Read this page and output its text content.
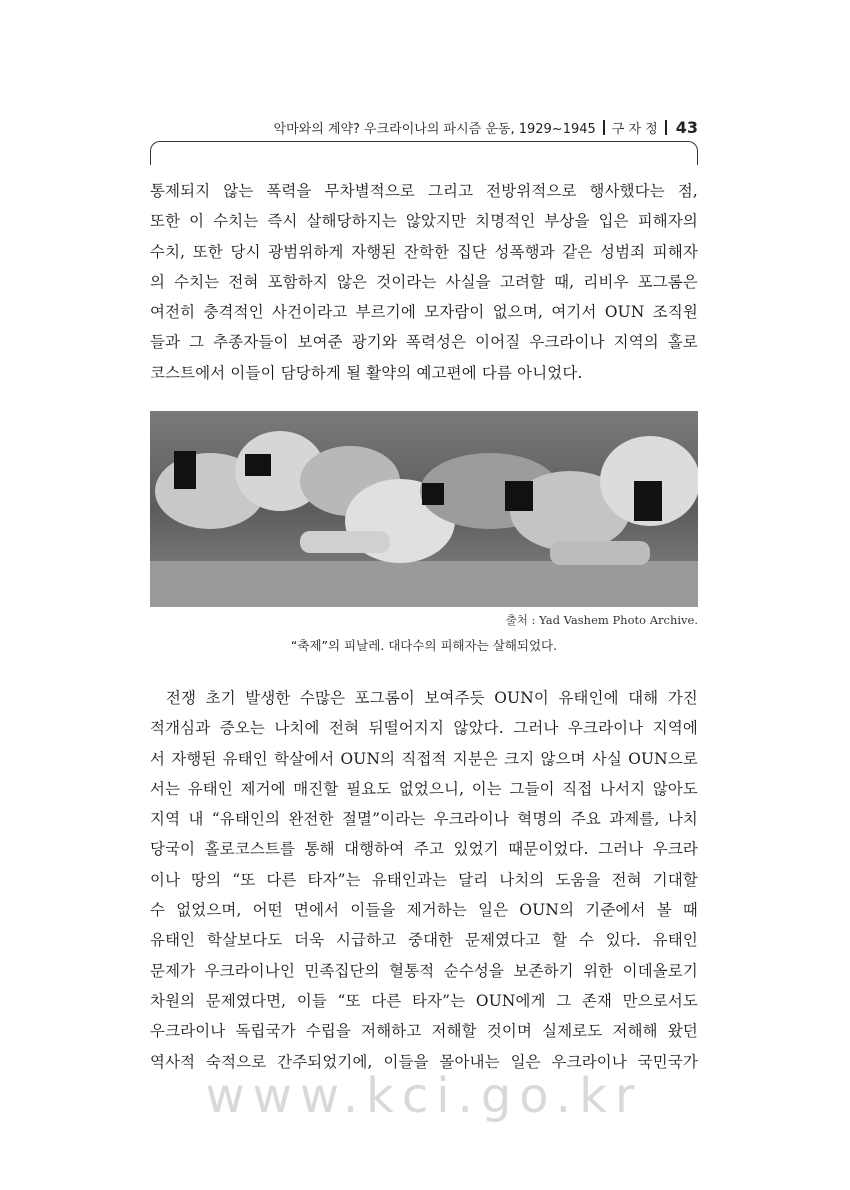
악마와의 계약? 우크라이나의 파시즘 운동, 1929~1945 구 자 정 43

통제되지 않는 폭력을 무차별적으로 그리고 전방위적으로 행사했다는 점,
또한 이 수치는 즉시 살해당하지는 않았지만 치명적인 부상을 입은 피해자의
수치, 또한 당시 광범위하게 자행된 잔학한 집단 성폭행과 같은 성범죄 피해자
의 수치는 전혀 포함하지 않은 것이라는 사실을 고려할 때, 리비우 포그롬은
여전히 충격적인 사건이라고 부르기에 모자람이 없으며, 여기서 OUN 조직원
들과 그 추종자들이 보여준 광기와 폭력성은 이어질 우크라이나 지역의 홀로
코스트에서 이들이 담당하게 될 활약의 예고편에 다름 아니었다.

출처 : Yad Vashem Photo Archive.
“축제”의 피날레. 대다수의 피해자는 살해되었다.

전쟁 초기 발생한 수많은 포그롬이 보여주듯 OUN이 유태인에 대해 가진
적개심과 증오는 나치에 전혀 뒤떨어지지 않았다. 그러나 우크라이나 지역에
서 자행된 유태인 학살에서 OUN의 직접적 지분은 크지 않으며 사실 OUN으로
서는 유태인 제거에 매진할 필요도 없었으니, 이는 그들이 직접 나서지 않아도
지역 내 “유태인의 완전한 절멸”이라는 우크라이나 혁명의 주요 과제를, 나치
당국이 홀로코스트를 통해 대행하여 주고 있었기 때문이었다. 그러나 우크라
이나 땅의 “또 다른 타자”는 유태인과는 달리 나치의 도움을 전혀 기대할
수 없었으며, 어떤 면에서 이들을 제거하는 일은 OUN의 기준에서 볼 때
유태인 학살보다도 더욱 시급하고 중대한 문제였다고 할 수 있다. 유태인
문제가 우크라이나인 민족집단의 혈통적 순수성을 보존하기 위한 이데올로기
차원의 문제였다면, 이들 “또 다른 타자”는 OUN에게 그 존재 만으로서도
우크라이나 독립국가 수립을 저해하고 저해할 것이며 실제로도 저해해 왔던
역사적 숙적으로 간주되었기에, 이들을 몰아내는 일은 우크라이나 국민국가

www.kci.go.kr
